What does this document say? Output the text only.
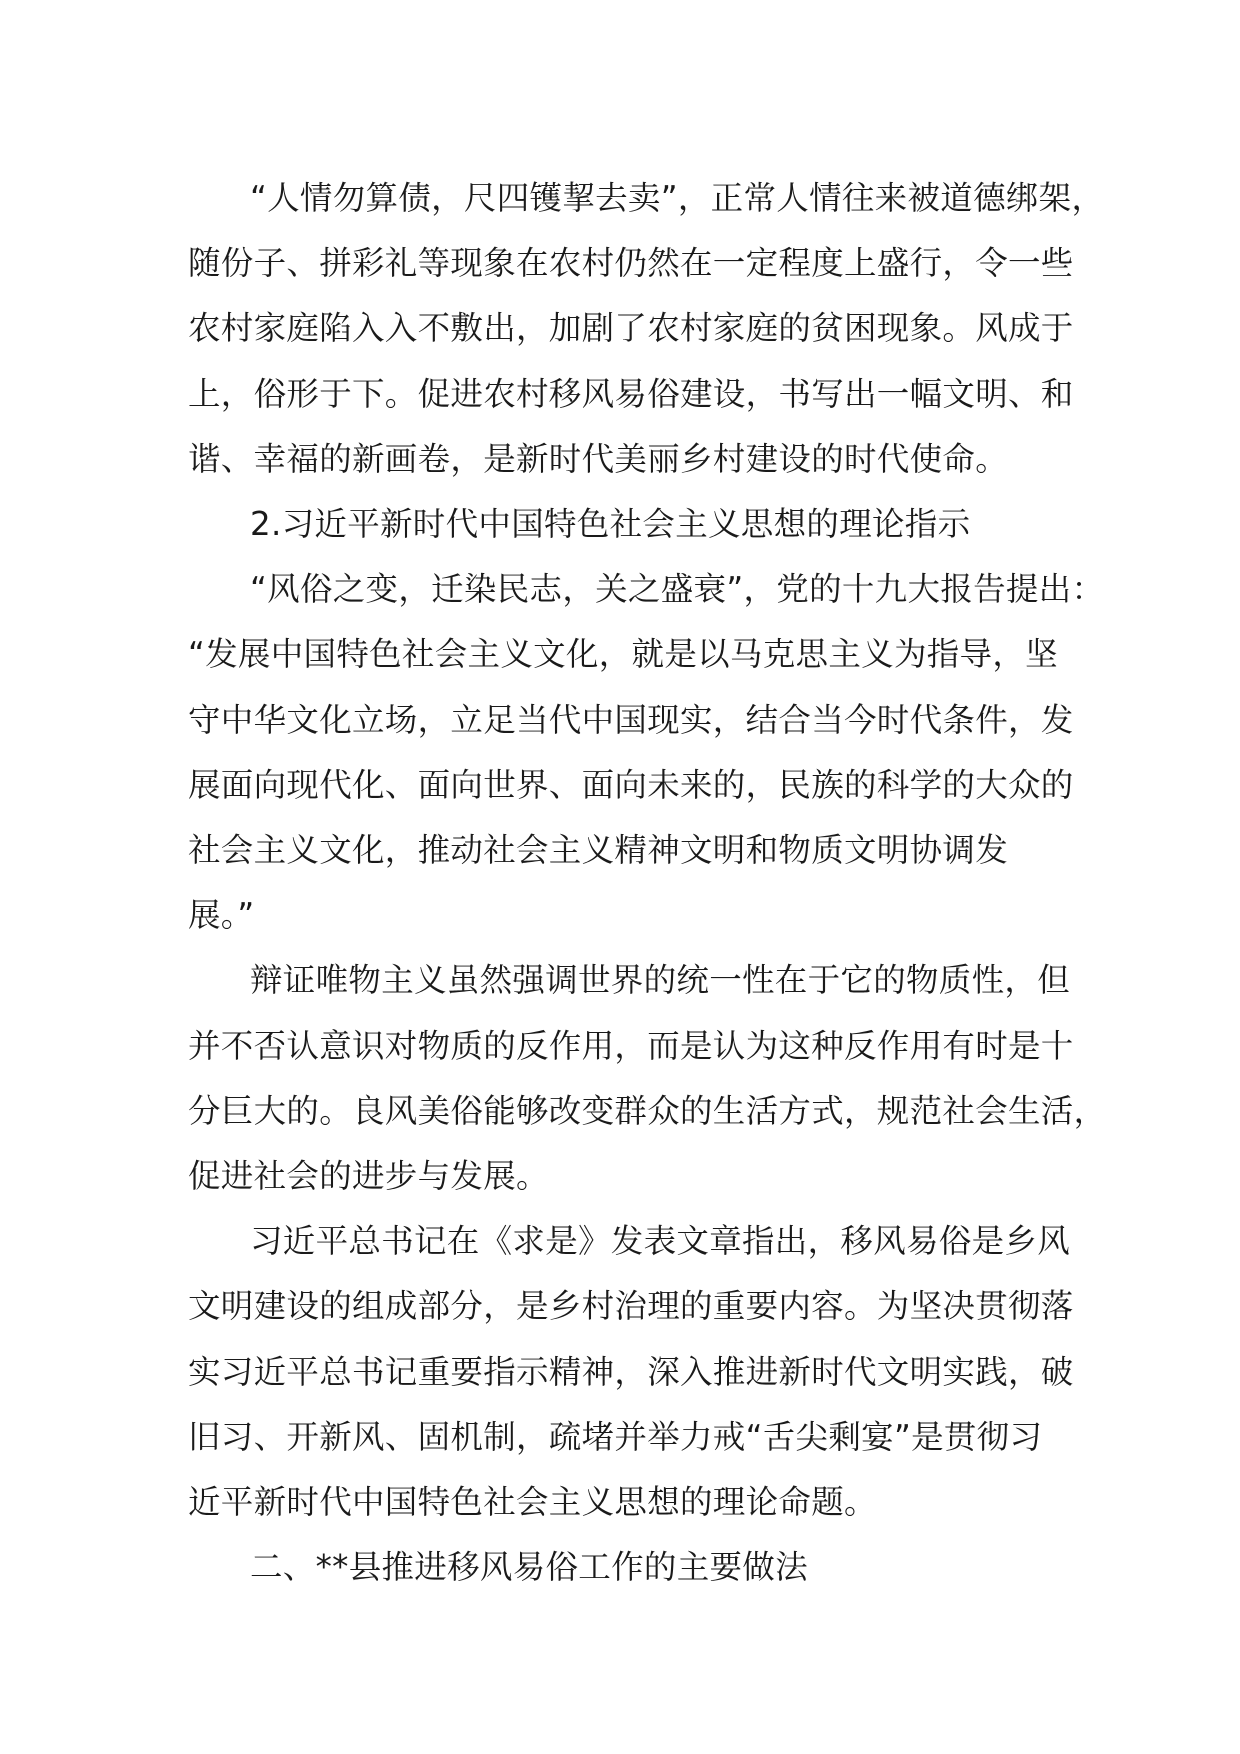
“人情勿算债，尺四镬挈去卖”，正常人情往来被道德绑架，
随份子、拼彩礼等现象在农村仍然在一定程度上盛行，令一些
农村家庭陷入入不敷出，加剧了农村家庭的贫困现象。风成于
上，俗形于下。促进农村移风易俗建设，书写出一幅文明、和
谐、幸福的新画卷，是新时代美丽乡村建设的时代使命。
2.习近平新时代中国特色社会主义思想的理论指示
“风俗之变，迁染民志，关之盛衰”，党的十九大报告提出：
“发展中国特色社会主义文化，就是以马克思主义为指导，坚
守中华文化立场，立足当代中国现实，结合当今时代条件，发
展面向现代化、面向世界、面向未来的，民族的科学的大众的
社会主义文化，推动社会主义精神文明和物质文明协调发
展。”
辩证唯物主义虽然强调世界的统一性在于它的物质性，但
并不否认意识对物质的反作用，而是认为这种反作用有时是十
分巨大的。良风美俗能够改变群众的生活方式，规范社会生活，
促进社会的进步与发展。
习近平总书记在《求是》发表文章指出，移风易俗是乡风
文明建设的组成部分，是乡村治理的重要内容。为坚决贯彻落
实习近平总书记重要指示精神，深入推进新时代文明实践，破
旧习、开新风、固机制，疏堵并举力戒“舌尖剩宴”是贯彻习
近平新时代中国特色社会主义思想的理论命题。
二、**县推进移风易俗工作的主要做法
